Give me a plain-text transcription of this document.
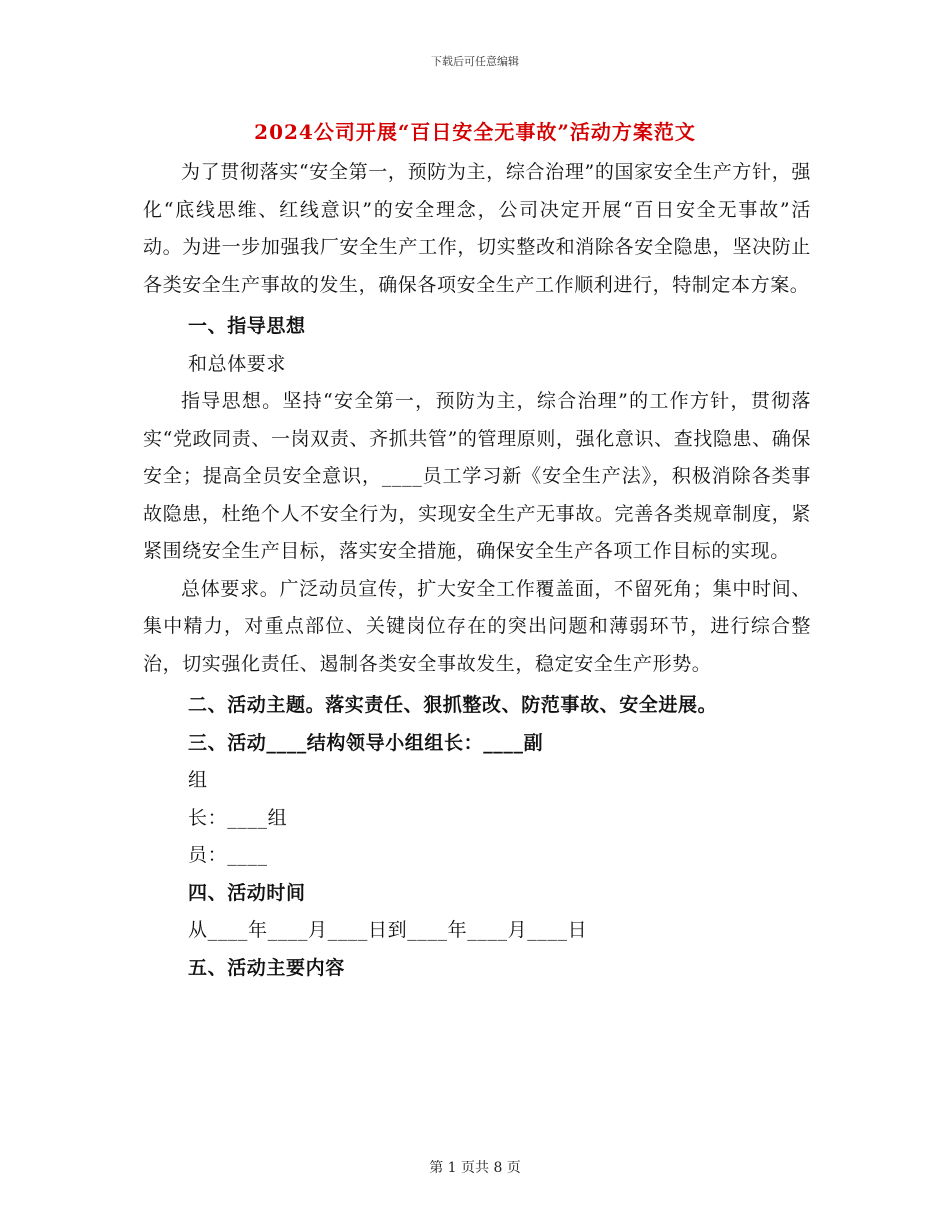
下载后可任意编辑
2024公司开展“百日安全无事故”活动方案范文

为了贯彻落实“安全第一，预防为主，综合治理”的国家安全生产方针，强化“底线思维、红线意识”的安全理念，公司决定开展“百日安全无事故”活动。为进一步加强我厂安全生产工作，切实整改和消除各安全隐患，坚决防止各类安全生产事故的发生，确保各项安全生产工作顺利进行，特制定本方案。

一、指导思想

和总体要求

指导思想。坚持“安全第一，预防为主，综合治理”的工作方针，贯彻落实“党政同责、一岗双责、齐抓共管”的管理原则，强化意识、查找隐患、确保安全；提高全员安全意识，____员工学习新《安全生产法》，积极消除各类事故隐患，杜绝个人不安全行为，实现安全生产无事故。完善各类规章制度，紧紧围绕安全生产目标，落实安全措施，确保安全生产各项工作目标的实现。

总体要求。广泛动员宣传，扩大安全工作覆盖面，不留死角；集中时间、集中精力，对重点部位、关键岗位存在的突出问题和薄弱环节，进行综合整治，切实强化责任、遏制各类安全事故发生，稳定安全生产形势。

二、活动主题。落实责任、狠抓整改、防范事故、安全进展。

三、活动____结构领导小组组长：____副

组

长：____组

员：____

四、活动时间

从____年____月____日到____年____月____日

五、活动主要内容

第 1 页共 8 页
